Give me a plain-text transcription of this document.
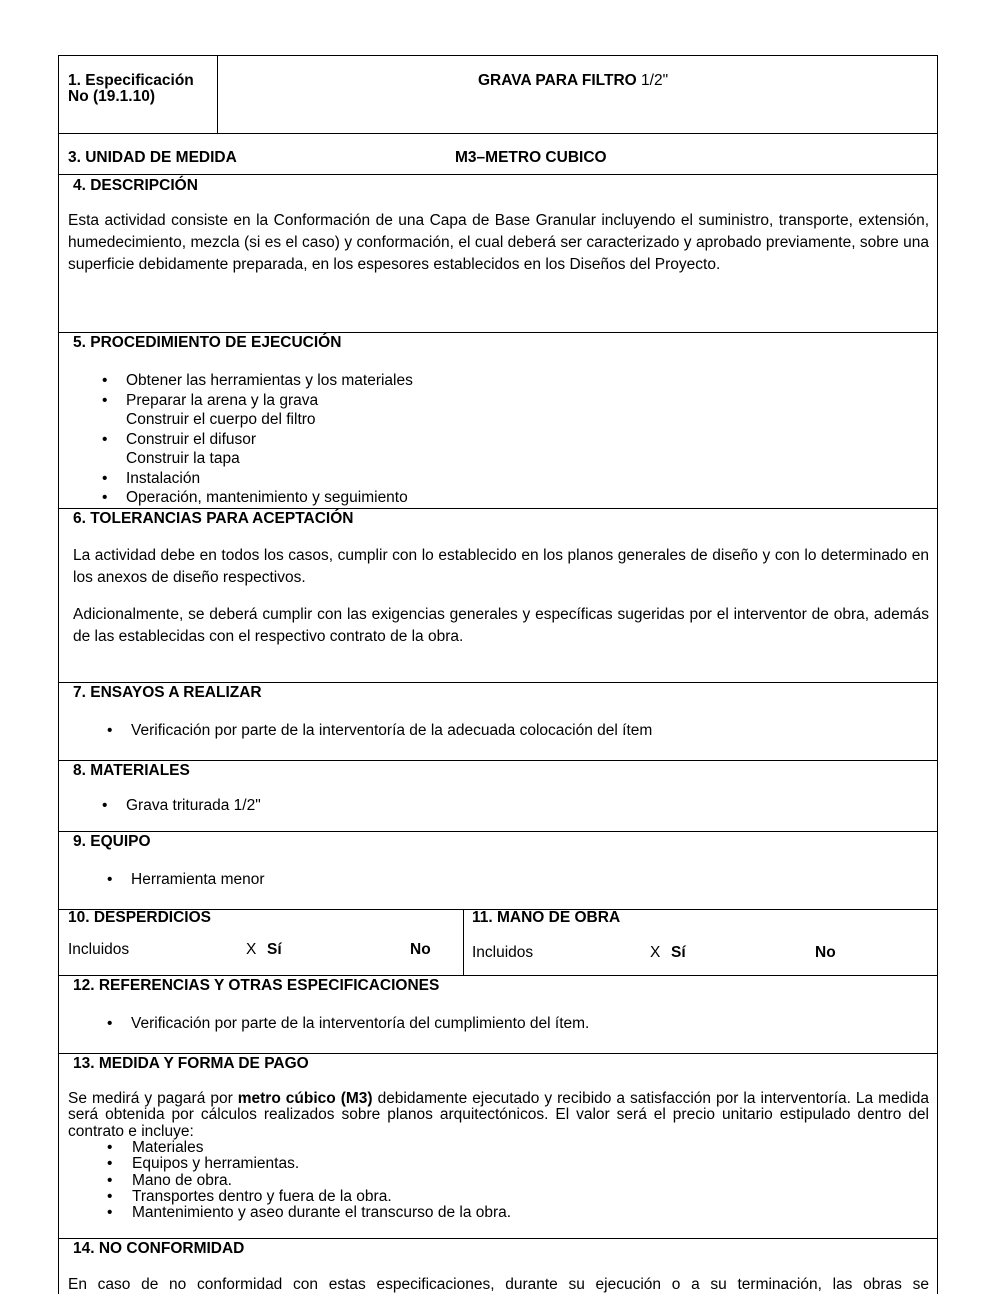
1. Especificación
No (19.1.10)
GRAVA PARA FILTRO 1/2"
3. UNIDAD DE MEDIDA	M3–METRO CUBICO
4. DESCRIPCIÓN
Esta actividad consiste en la Conformación de una Capa de Base Granular incluyendo el suministro, transporte, extensión, humedecimiento, mezcla (si es el caso) y conformación, el cual deberá ser caracterizado y aprobado previamente, sobre una superficie debidamente preparada, en los espesores establecidos en los Diseños del Proyecto.
5. PROCEDIMIENTO DE EJECUCIÓN
• Obtener las herramientas y los materiales
• Preparar la arena y la grava
Construir el cuerpo del filtro
• Construir el difusor
Construir la tapa
• Instalación
• Operación, mantenimiento y seguimiento
6. TOLERANCIAS PARA ACEPTACIÓN
La actividad debe en todos los casos, cumplir con lo establecido en los planos generales de diseño y con lo determinado en los anexos de diseño respectivos.
Adicionalmente, se deberá cumplir con las exigencias generales y específicas sugeridas por el interventor de obra, además de las establecidas con el respectivo contrato de la obra.
7. ENSAYOS A REALIZAR
• Verificación por parte de la interventoría de la adecuada colocación del ítem
8. MATERIALES
• Grava triturada 1/2"
9. EQUIPO
• Herramienta menor
10. DESPERDICIOS
Incluidos	X Sí	No
11. MANO DE OBRA
Incluidos	X Sí	No
12. REFERENCIAS Y OTRAS ESPECIFICACIONES
• Verificación por parte de la interventoría del cumplimiento del ítem.
13. MEDIDA Y FORMA DE PAGO
Se medirá y pagará por metro cúbico (M3) debidamente ejecutado y recibido a satisfacción por la interventoría. La medida será obtenida por cálculos realizados sobre planos arquitectónicos. El valor será el precio unitario estipulado dentro del contrato e incluye:
• Materiales
• Equipos y herramientas.
• Mano de obra.
• Transportes dentro y fuera de la obra.
• Mantenimiento y aseo durante el transcurso de la obra.
14. NO CONFORMIDAD
En caso de no conformidad con estas especificaciones, durante su ejecución o a su terminación, las obras se
